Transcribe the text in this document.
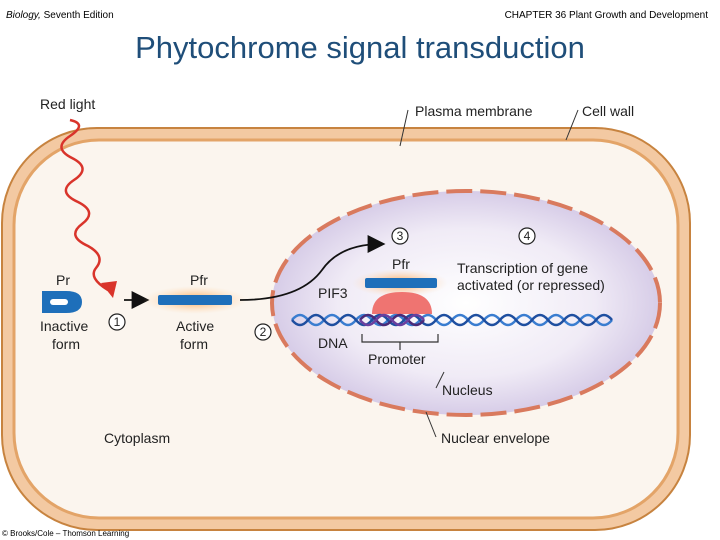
Biology, Seventh Edition	CHAPTER 36 Plant Growth and Development
Phytochrome signal transduction
1
2
3	4
Red light	Plasma membrane	Cell wall
Pr	Pfr
Inactive
form
Active
form
Pfr
PIF3
DNA
Promoter
Transcription of gene
activated (or repressed)
Nucleus
Cytoplasm	Nuclear envelope
© Brooks/Cole – Thomson Learning
